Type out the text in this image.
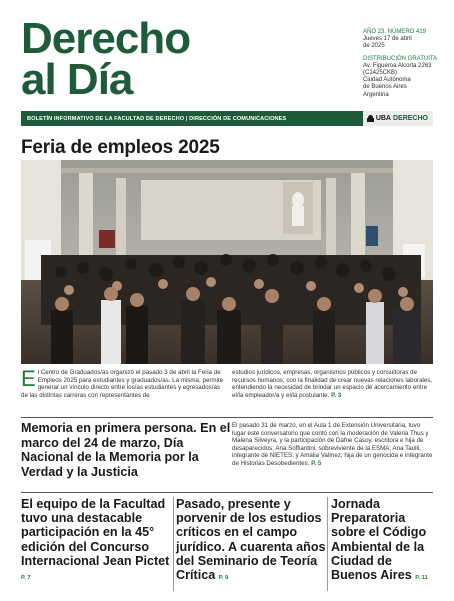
Derecho
al Día
AÑO 23. NÚMERO 419
Jueves 17 de abril
de 2025
DISTRIBUCIÓN GRATUITA
Av. Figueroa Alcorta 2263
(C1425CKB)
Ciudad Autónoma
de Buenos Aires
Argentina
BOLETÍN INFORMATIVO DE LA FACULTAD DE DERECHO | DIRECCIÓN DE COMUNICACIONES	UBA DERECHO
Feria de empleos 2025
El Centro de Graduados/as organizó el pasado 3 de abril la Feria de Empleos 2025 para estudiantes y graduados/as. La misma, permite generar un vínculo directo entre los/as estudiantes y egresados/as de las distintas carreras con representantes de
estudios jurídicos, empresas, organismos públicos y consultoras de recursos humanos; con la finalidad de crear nuevas relaciones laborales, entendiendo la necesidad de brindar un espacio de acercamiento entre el/la empleador/a y el/la postulante. P. 3
Memoria en primera persona. En el marco del 24 de marzo, Día Nacional de la Memoria por la Verdad y la Justicia
El pasado 31 de marzo, en el Aula 1 de Extensión Universitaria, tuvo lugar este conversatorio que contó con la moderación de Valeria Thus y Malena Silveyra, y la participación de Dafne Casoy, escritora e hija de desaparecidos; Ana Soffiantini, sobreviviente de la ESMA; Ana Taulli, integrante de NIETES; y Amalia Valínez, hija de un genocida e integrante de Historias Desobedientes. P. 5
El equipo de la Facultad tuvo una destacable participación en la 45° edición del Concurso Internacional Jean Pictet P. 7
Pasado, presente y porvenir de los estudios críticos en el campo jurídico. A cuarenta años del Seminario de Teoría Crítica P. 9
Jornada Preparatoria sobre el Código Ambiental de la Ciudad de Buenos Aires P. 11
